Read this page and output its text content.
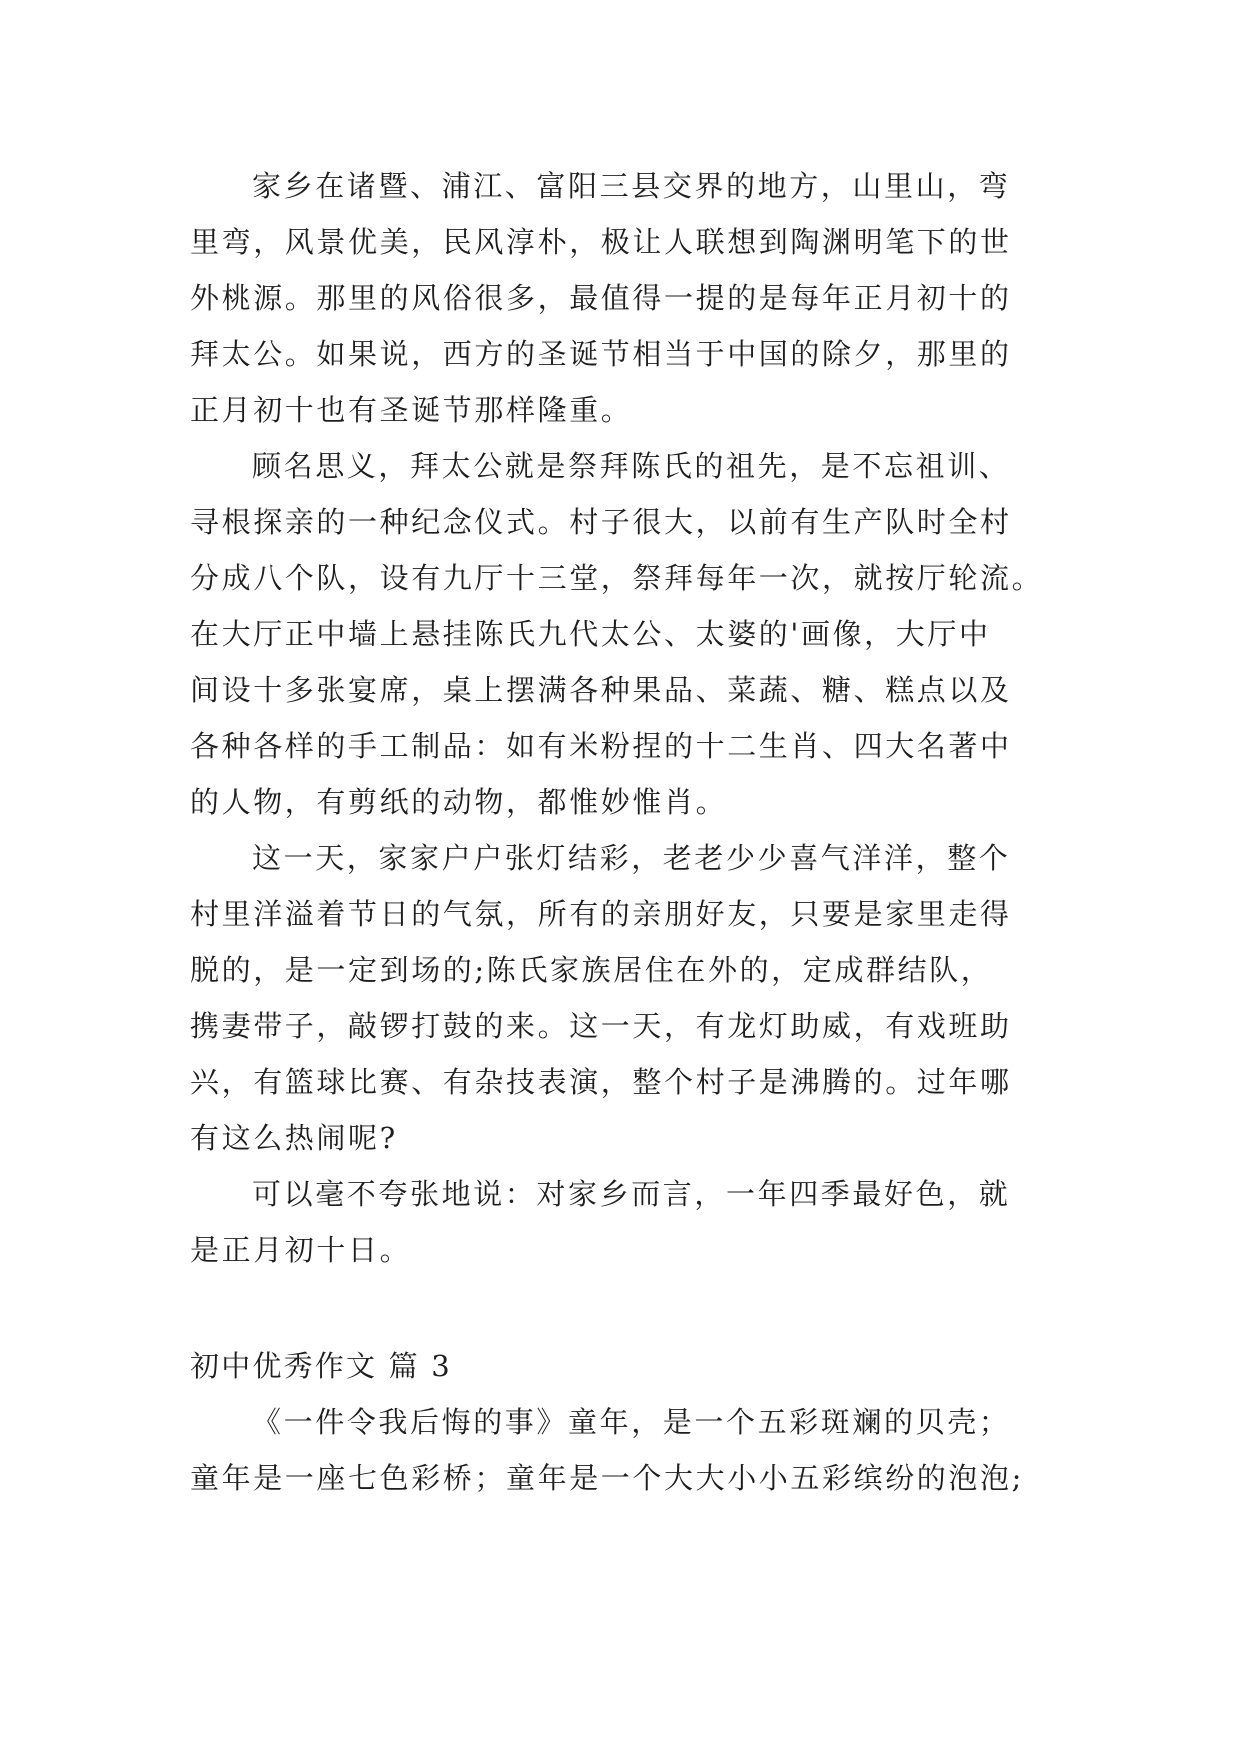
家乡在诸暨、浦江、富阳三县交界的地方，山里山，弯
里弯，风景优美，民风淳朴，极让人联想到陶渊明笔下的世
外桃源。那里的风俗很多，最值得一提的是每年正月初十的
拜太公。如果说，西方的圣诞节相当于中国的除夕，那里的
正月初十也有圣诞节那样隆重。
顾名思义，拜太公就是祭拜陈氏的祖先，是不忘祖训、
寻根探亲的一种纪念仪式。村子很大，以前有生产队时全村
分成八个队，设有九厅十三堂，祭拜每年一次，就按厅轮流。
在大厅正中墙上悬挂陈氏九代太公、太婆的'画像，大厅中
间设十多张宴席，桌上摆满各种果品、菜蔬、糖、糕点以及
各种各样的手工制品：如有米粉捏的十二生肖、四大名著中
的人物，有剪纸的动物，都惟妙惟肖。
这一天，家家户户张灯结彩，老老少少喜气洋洋，整个
村里洋溢着节日的气氛，所有的亲朋好友，只要是家里走得
脱的，是一定到场的;陈氏家族居住在外的，定成群结队，
携妻带子，敲锣打鼓的来。这一天，有龙灯助威，有戏班助
兴，有篮球比赛、有杂技表演，整个村子是沸腾的。过年哪
有这么热闹呢?
可以毫不夸张地说：对家乡而言，一年四季最好色，就
是正月初十日。
初中优秀作文 篇 3
《一件令我后悔的事》童年，是一个五彩斑斓的贝壳；
童年是一座七色彩桥；童年是一个大大小小五彩缤纷的泡泡;
